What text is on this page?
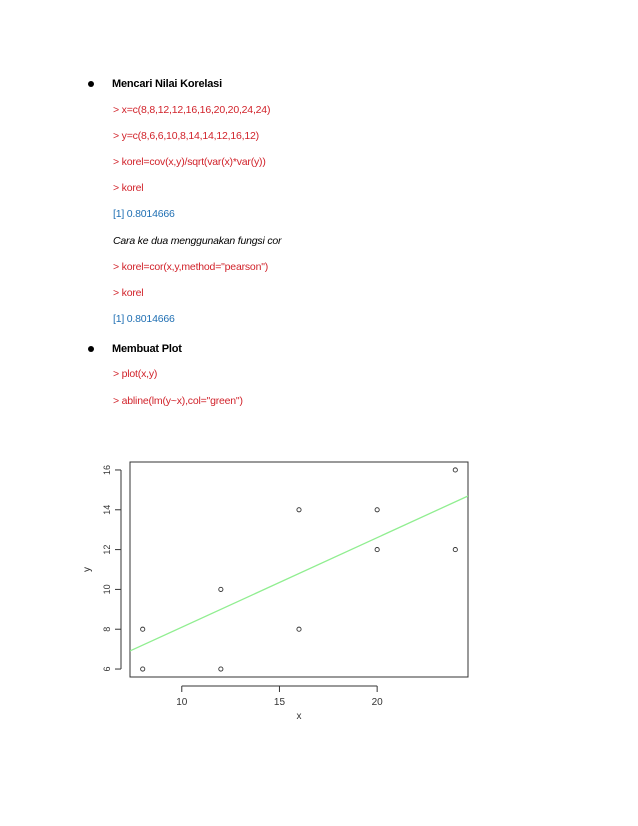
Mencari Nilai Korelasi
> x=c(8,8,12,12,16,16,20,20,24,24)
> y=c(8,6,6,10,8,14,14,12,16,12)
> korel=cov(x,y)/sqrt(var(x)*var(y))
> korel
[1] 0.8014666
Cara ke dua menggunakan fungsi cor
> korel=cor(x,y,method="pearson")
> korel
[1] 0.8014666
Membuat Plot
> plot(x,y)
> abline(lm(y~x),col="green")
10	15	20
6
8
10
12
14
16
x
y
